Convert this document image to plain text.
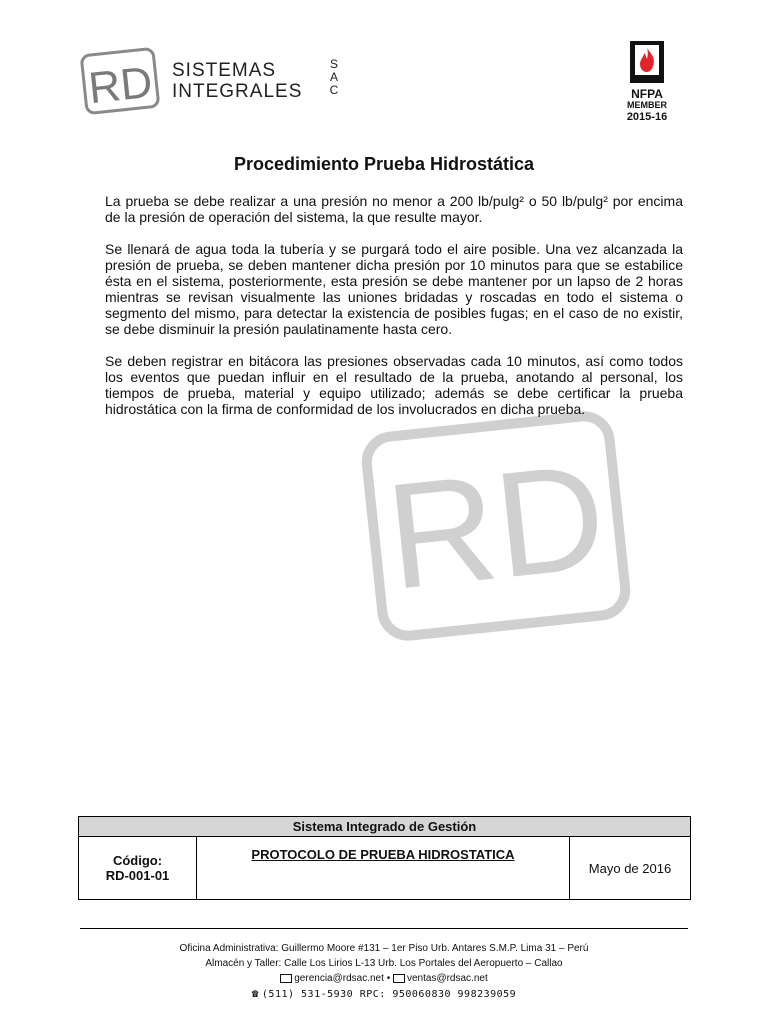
RD SISTEMAS
INTEGRALES
S
A
C	NFPA
MEMBER
2015-16
RD
Procedimiento Prueba Hidrostática

La prueba se debe realizar a una presión no menor a 200 lb/pulg² o 50 lb/pulg² por encima de la presión de operación del sistema, la que resulte mayor.

Se llenará de agua toda la tubería y se purgará todo el aire posible. Una vez alcanzada la presión de prueba, se deben mantener dicha presión por 10 minutos para que se estabilice ésta en el sistema, posteriormente, esta presión se debe mantener por un lapso de 2 horas mientras se revisan visualmente las uniones bridadas y roscadas en todo el sistema o segmento del mismo, para detectar la existencia de posibles fugas; en el caso de no existir, se debe disminuir la presión paulatinamente hasta cero.

Se deben registrar en bitácora las presiones observadas cada 10 minutos, así como todos los eventos que puedan influir en el resultado de la prueba, anotando al personal, los tiempos de prueba, material y equipo utilizado; además se debe certificar la prueba hidrostática con la firma de conformidad de los involucrados en dicha prueba.

Sistema Integrado de Gestión

Código:
RD-001-01
	PROTOCOLO DE PRUEBA HIDROSTATICA	Mayo de 2016
Oficina Administrativa: Guillermo Moore #131 – 1er Piso Urb. Antares S.M.P. Lima 31 – Perú
Almacén y Taller: Calle Los Lirios L-13 Urb. Los Portales del Aeropuerto – Callao
gerencia@rdsac.net • ventas@rdsac.net
☎ (511) 531-5930 RPC: 950060830 998239059
